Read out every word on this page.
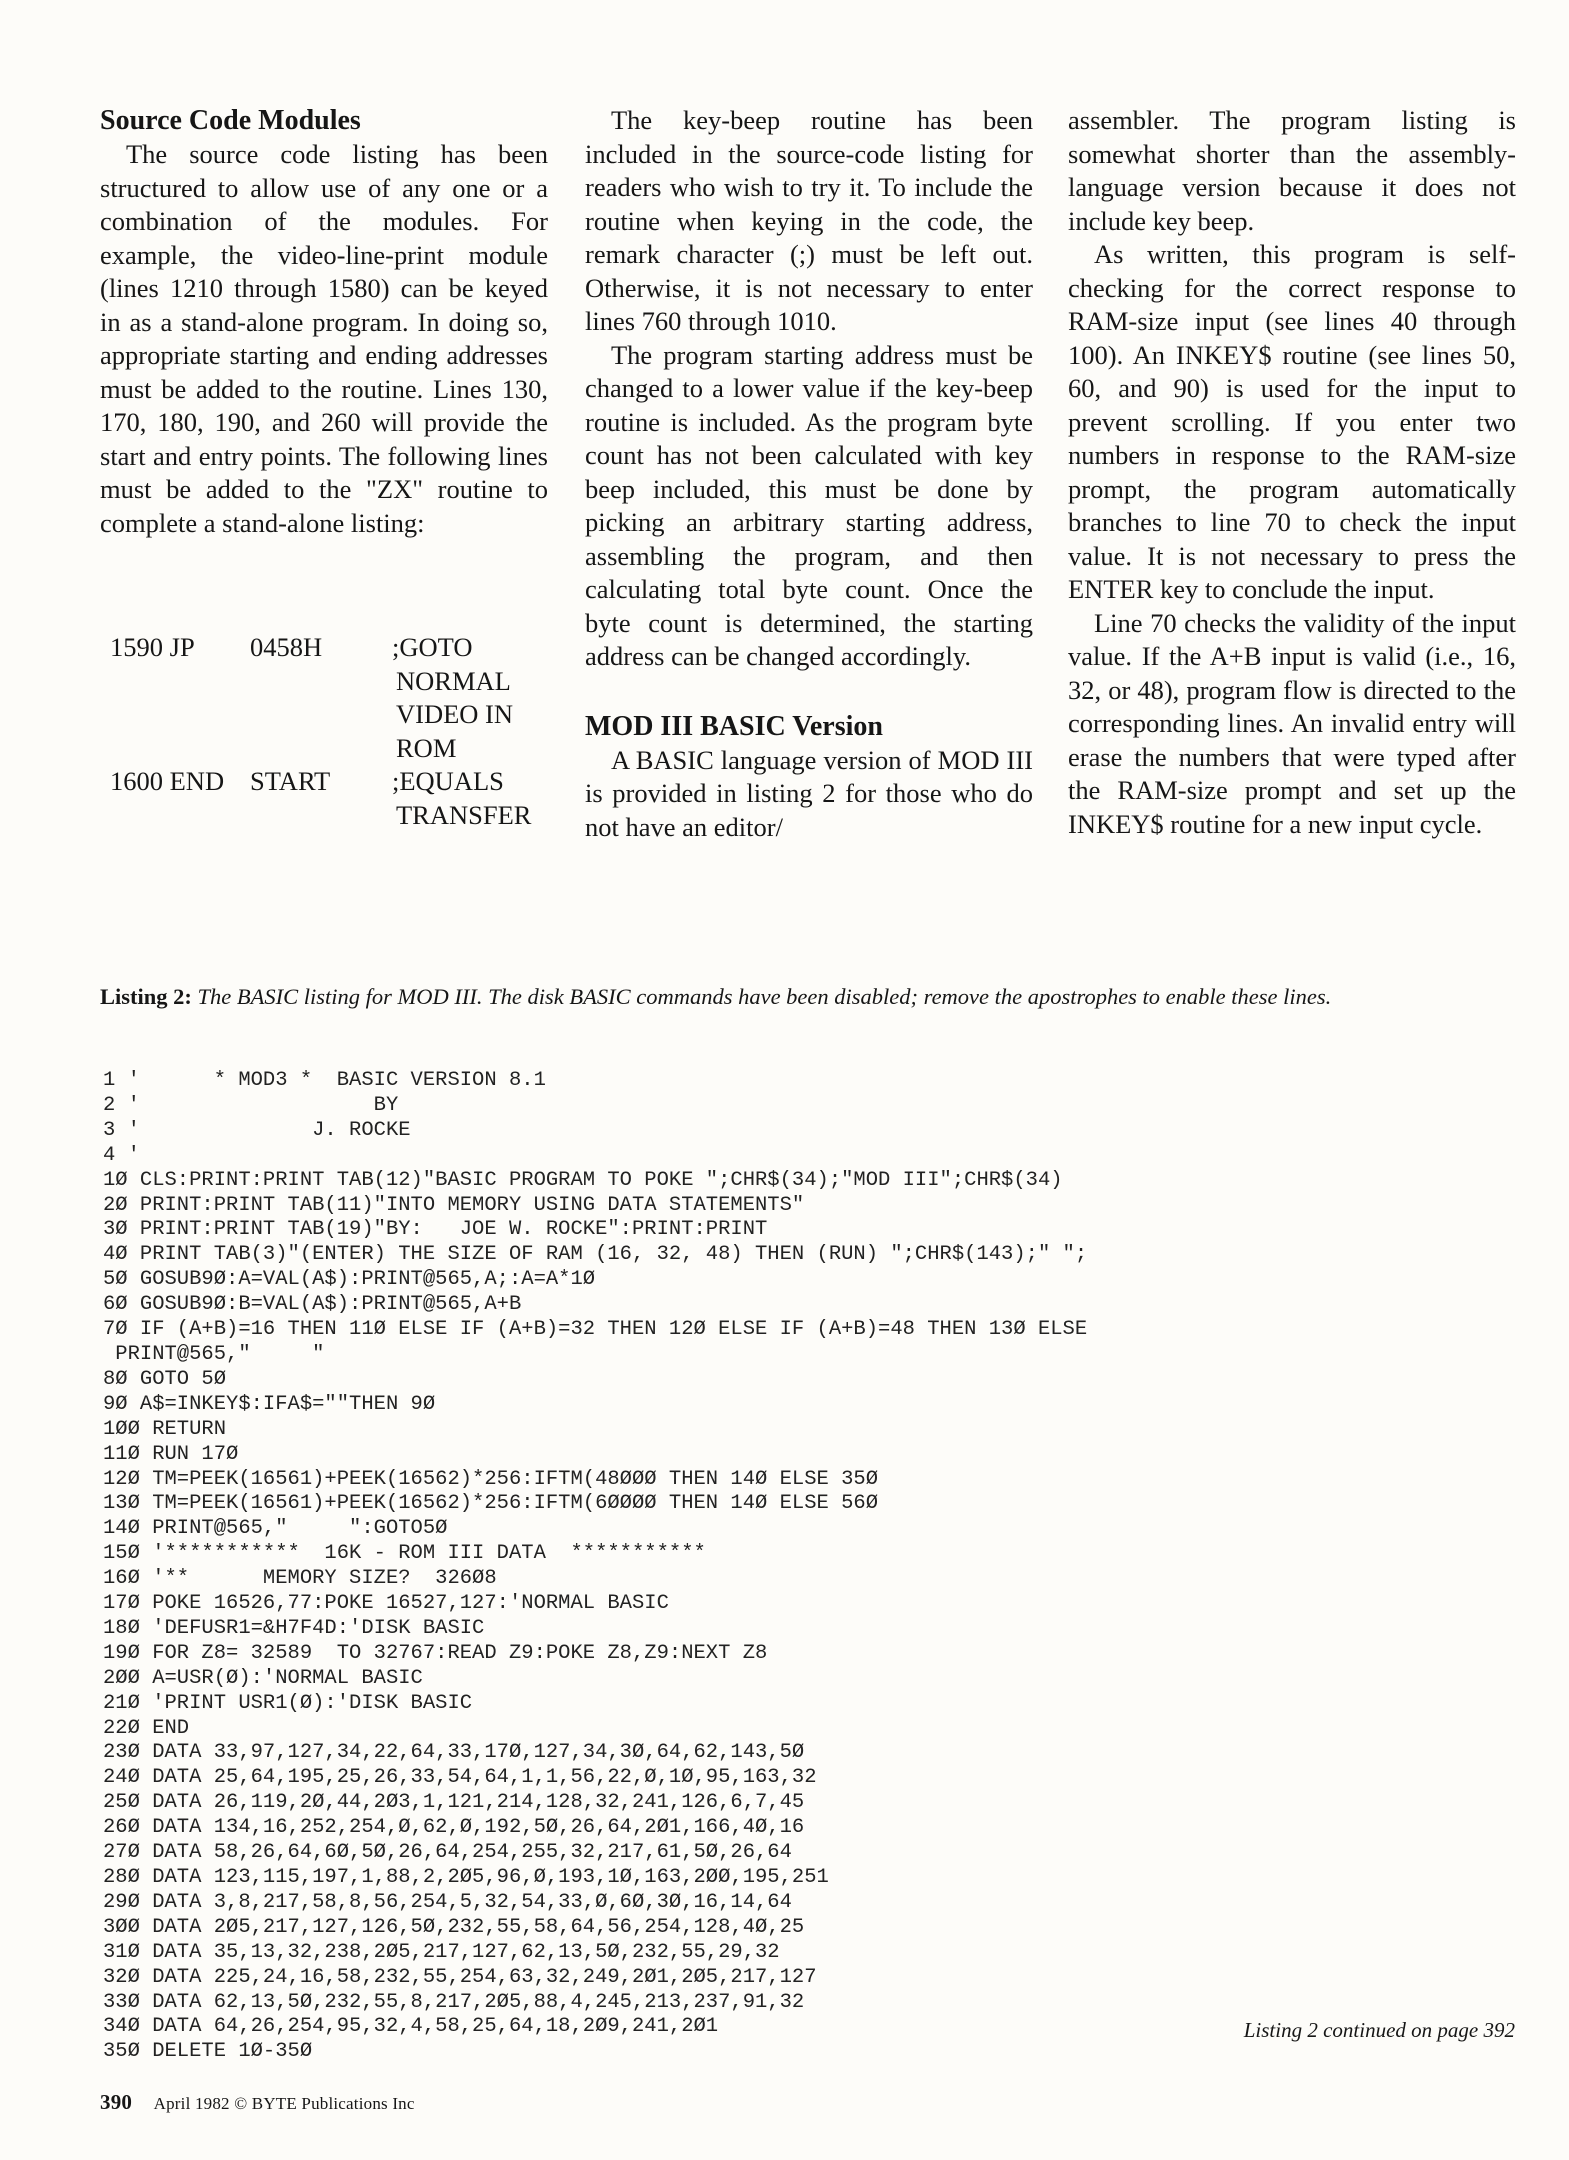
Source Code Modules

The source code listing has been structured to allow use of any one or a combination of the modules. For example, the video-line-print module (lines 1210 through 1580) can be keyed in as a stand-alone program. In doing so, appropriate starting and ending addresses must be added to the routine. Lines 130, 170, 180, 190, and 260 will provide the start and entry points. The following lines must be added to the "ZX" routine to complete a stand-alone listing:

1590 JP 0458H	;GOTO
NORMAL
VIDEO IN
ROM
1600 END START ;EQUALS
TRANSFER

The key-beep routine has been included in the source-code listing for readers who wish to try it. To include the routine when keying in the code, the remark character (;) must be left out. Otherwise, it is not necessary to enter lines 760 through 1010.

The program starting address must be changed to a lower value if the key-beep routine is included. As the program byte count has not been calculated with key beep included, this must be done by picking an arbitrary starting address, assembling the program, and then calculating total byte count. Once the byte count is determined, the starting address can be changed accordingly.

MOD III BASIC Version

A BASIC language version of MOD III is provided in listing 2 for those who do not have an editor/

assembler. The program listing is somewhat shorter than the assembly-language version because it does not include key beep.

As written, this program is self-checking for the correct response to RAM-size input (see lines 40 through 100). An INKEY$ routine (see lines 50, 60, and 90) is used for the input to prevent scrolling. If you enter two numbers in response to the RAM-size prompt, the program automatically branches to line 70 to check the input value. It is not necessary to press the ENTER key to conclude the input.

Line 70 checks the validity of the input value. If the A+B input is valid (i.e., 16, 32, or 48), program flow is directed to the corresponding lines. An invalid entry will erase the numbers that were typed after the RAM-size prompt and set up the INKEY$ routine for a new input cycle.

Listing 2: The BASIC listing for MOD III. The disk BASIC commands have been disabled; remove the apostrophes to enable these lines.
1 '      * MOD3 *  BASIC VERSION 8.1
2 '                   BY
3 '              J. ROCKE
4 '
1Ø CLS:PRINT:PRINT TAB(12)"BASIC PROGRAM TO POKE ";CHR$(34);"MOD III";CHR$(34)
2Ø PRINT:PRINT TAB(11)"INTO MEMORY USING DATA STATEMENTS"
3Ø PRINT:PRINT TAB(19)"BY:   JOE W. ROCKE":PRINT:PRINT
4Ø PRINT TAB(3)"(ENTER) THE SIZE OF RAM (16, 32, 48) THEN (RUN) ";CHR$(143);" ";
5Ø GOSUB9Ø:A=VAL(A$):PRINT@565,A;:A=A*1Ø
6Ø GOSUB9Ø:B=VAL(A$):PRINT@565,A+B
7Ø IF (A+B)=16 THEN 11Ø ELSE IF (A+B)=32 THEN 12Ø ELSE IF (A+B)=48 THEN 13Ø ELSE
PRINT@565,"     "
8Ø GOTO 5Ø
9Ø A$=INKEY$:IFA$=""THEN 9Ø
1ØØ RETURN
11Ø RUN 17Ø
12Ø TM=PEEK(16561)+PEEK(16562)*256:IFTM(48ØØØ THEN 14Ø ELSE 35Ø
13Ø TM=PEEK(16561)+PEEK(16562)*256:IFTM(6ØØØØ THEN 14Ø ELSE 56Ø
14Ø PRINT@565,"     ":GOTO5Ø
15Ø '***********  16K - ROM III DATA  ***********
16Ø '**      MEMORY SIZE?  326Ø8
17Ø POKE 16526,77:POKE 16527,127:'NORMAL BASIC
18Ø 'DEFUSR1=&H7F4D:'DISK BASIC
19Ø FOR Z8= 32589  TO 32767:READ Z9:POKE Z8,Z9:NEXT Z8
2ØØ A=USR(Ø):'NORMAL BASIC
21Ø 'PRINT USR1(Ø):'DISK BASIC
22Ø END
23Ø DATA 33,97,127,34,22,64,33,17Ø,127,34,3Ø,64,62,143,5Ø
24Ø DATA 25,64,195,25,26,33,54,64,1,1,56,22,Ø,1Ø,95,163,32
25Ø DATA 26,119,2Ø,44,2Ø3,1,121,214,128,32,241,126,6,7,45
26Ø DATA 134,16,252,254,Ø,62,Ø,192,5Ø,26,64,2Ø1,166,4Ø,16
27Ø DATA 58,26,64,6Ø,5Ø,26,64,254,255,32,217,61,5Ø,26,64
28Ø DATA 123,115,197,1,88,2,2Ø5,96,Ø,193,1Ø,163,2ØØ,195,251
29Ø DATA 3,8,217,58,8,56,254,5,32,54,33,Ø,6Ø,3Ø,16,14,64
3ØØ DATA 2Ø5,217,127,126,5Ø,232,55,58,64,56,254,128,4Ø,25
31Ø DATA 35,13,32,238,2Ø5,217,127,62,13,5Ø,232,55,29,32
32Ø DATA 225,24,16,58,232,55,254,63,32,249,2Ø1,2Ø5,217,127
33Ø DATA 62,13,5Ø,232,55,8,217,2Ø5,88,4,245,213,237,91,32
34Ø DATA 64,26,254,95,32,4,58,25,64,18,2Ø9,241,2Ø1
35Ø DELETE 1Ø-35Ø
Listing 2 continued on page 392
390 April 1982 © BYTE Publications Inc
